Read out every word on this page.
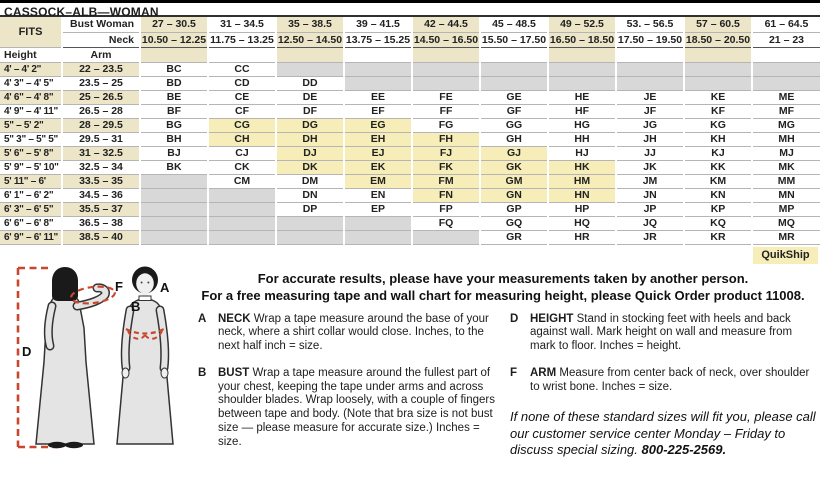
CASSOCK–ALB—WOMAN
FITS	Bust Woman	27 – 30.5	31 – 34.5	35 – 38.5	39 – 41.5	42 – 44.5	45 – 48.5	49 – 52.5	53. – 56.5	57 – 60.5	61 – 64.5
	Neck	10.50 – 12.25	11.75 – 13.25	12.50 – 14.50	13.75 – 15.25	14.50 – 16.50	15.50 – 17.50	16.50 – 18.50	17.50 – 19.50	18.50 – 20.50	21 – 23
Height	Arm										
4' – 4' 2"	22 – 23.5	BC	CC								
4' 3" – 4' 5"	23.5 – 25	BD	CD	DD							
4' 6" – 4' 8"	25 – 26.5	BE	CE	DE	EE	FE	GE	HE	JE	KE	ME
4' 9" – 4' 11"	26.5 – 28	BF	CF	DF	EF	FF	GF	HF	JF	KF	MF
5" – 5' 2"	28 – 29.5	BG	CG	DG	EG	FG	GG	HG	JG	KG	MG
5" 3" – 5" 5"	29.5 – 31	BH	CH	DH	EH	FH	GH	HH	JH	KH	MH
5' 6" – 5' 8"	31 – 32.5	BJ	CJ	DJ	EJ	FJ	GJ	HJ	JJ	KJ	MJ
5' 9" – 5' 10"	32.5 – 34	BK	CK	DK	EK	FK	GK	HK	JK	KK	MK
5' 11" – 6'	33.5 – 35		CM	DM	EM	FM	GM	HM	JM	KM	MM
6' 1" – 6' 2"	34.5 – 36			DN	EN	FN	GN	HN	JN	KN	MN
6' 3" – 6' 5"	35.5 – 37			DP	EP	FP	GP	HP	JP	KP	MP
6' 6" – 6' 8"	36.5 – 38					FQ	GQ	HQ	JQ	KQ	MQ
6' 9" – 6' 11"	38.5 – 40						GR	HR	JR	KR	MR
QuikShip
D
F	A
B
For accurate results, please have your measurements taken by another person.
For a free measuring tape and wall chart for measuring height, please Quick Order product 11008.
A NECK Wrap a tape measure around the base of your neck, where a shirt collar would close. Inches, to the next half inch = size.
B BUST Wrap a tape measure around the fullest part of your chest, keeping the tape under arms and across shoulder blades. Wrap loosely, with a couple of fingers between tape and body. (Note that bra size is not bust size — please measure for accurate size.) Inches = size.
D HEIGHT Stand in stocking feet with heels and back against wall. Mark height on wall and measure from mark to floor. Inches = height.
F	ARM Measure from center back of neck, over shoulder to wrist bone. Inches = size.
If none of these standard sizes will fit you, please call our customer service center Monday – Friday to discuss special sizing. 800-225-2569.
